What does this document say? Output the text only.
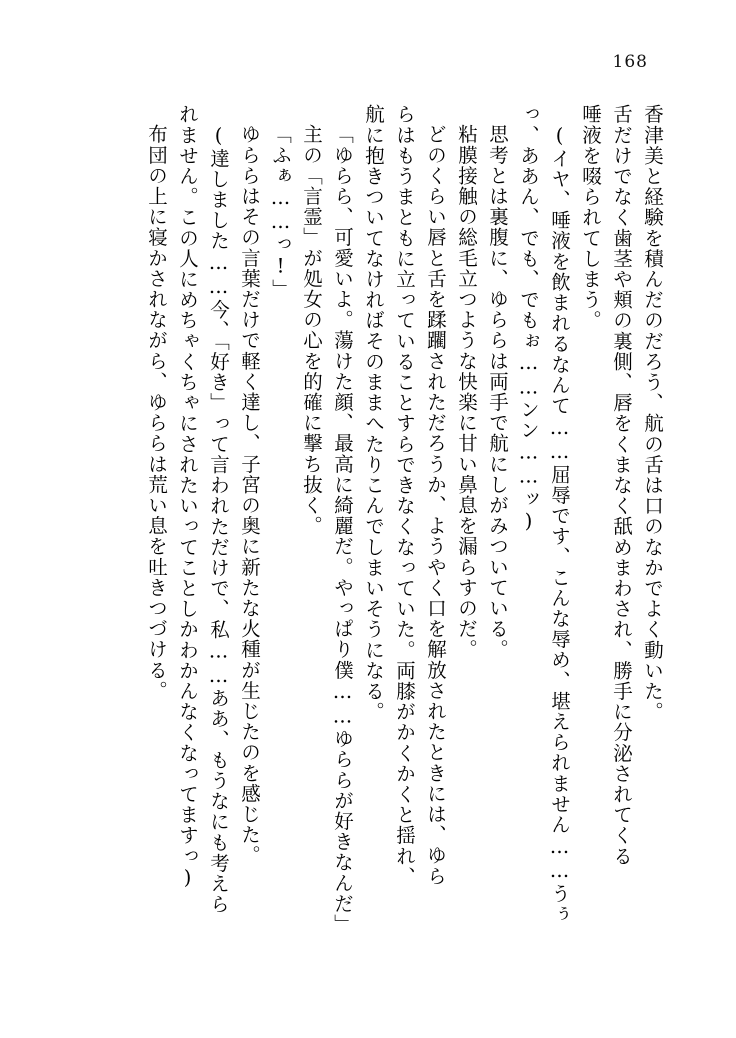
168
香津美と経験を積んだのだろう、航の舌は口のなかでよく動いた。
舌だけでなく歯茎や頬の裏側、唇をくまなく舐めまわされ、勝手に分泌されてくる
唾液を啜られてしまう。
(イヤ、唾液を飲まれるなんて……屈辱です、こんな辱め、堪えられません……うぅ
っ、ああん、でも、でもぉ……ンン……ッ)
思考とは裏腹に、ゆららは両手で航にしがみついている。
粘膜接触の総毛立つような快楽に甘い鼻息を漏らすのだ。
どのくらい唇と舌を蹂躙されただろうか、ようやく口を解放されたときには、ゆら
らはもうまともに立っていることすらできなくなっていた。両膝がかくかくと揺れ、
航に抱きついてなければそのままへたりこんでしまいそうになる。
「ゆらら、可愛いよ。蕩けた顔、最高に綺麗だ。やっぱり僕……ゆららが好きなんだ」
主の「言霊」が処女の心を的確に撃ち抜く。
「ふぁ……っ!」
ゆららはその言葉だけで軽く達し、子宮の奥に新たな火種が生じたのを感じた。
(達しました……今、「好き」って言われただけで、私……ああ、もうなにも考えら
れません。この人にめちゃくちゃにされたいってことしかわかんなくなってますっ)
布団の上に寝かされながら、ゆららは荒い息を吐きつづける。
